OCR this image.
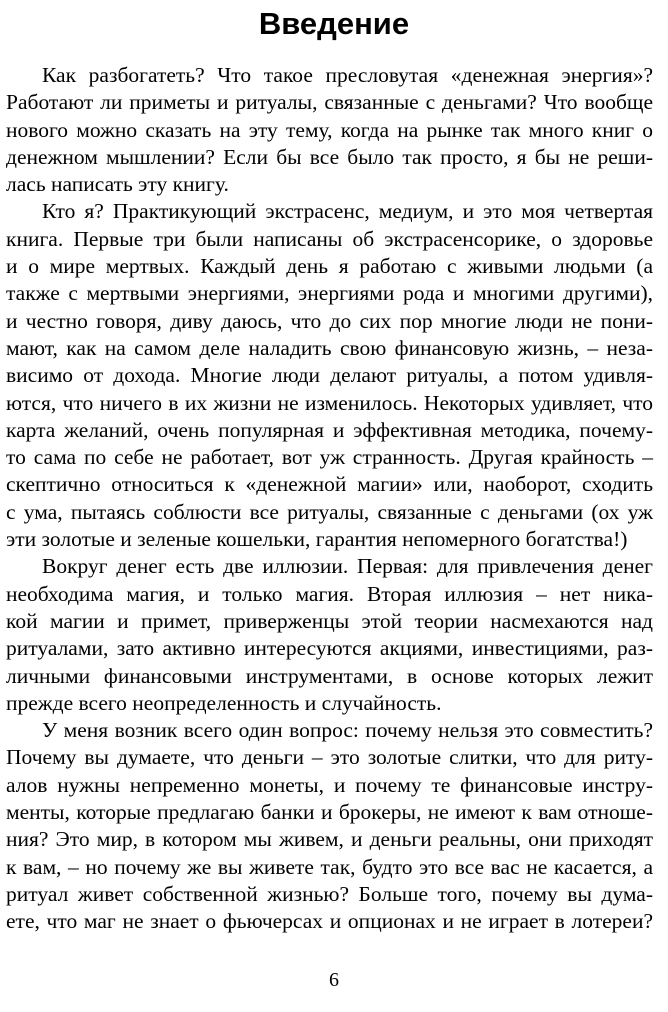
Введение

Как разбогатеть? Что такое пресловутая «денежная энергия»?
Работают ли приметы и ритуалы, связанные с деньгами? Что вообще
нового можно сказать на эту тему, когда на рынке так много книг о
денежном мышлении? Если бы все было так просто, я бы не реши-
лась написать эту книгу.

Кто я? Практикующий экстрасенс, медиум, и это моя четвертая
книга. Первые три были написаны об экстрасенсорике, о здоровье
и о мире мертвых. Каждый день я работаю с живыми людьми (а
также с мертвыми энергиями, энергиями рода и многими другими),
и честно говоря, диву даюсь, что до сих пор многие люди не пони-
мают, как на самом деле наладить свою финансовую жизнь, – неза-
висимо от дохода. Многие люди делают ритуалы, а потом удивля-
ются, что ничего в их жизни не изменилось. Некоторых удивляет, что
карта желаний, очень популярная и эффективная методика, почему-
то сама по себе не работает, вот уж странность. Другая крайность –
скептично относиться к «денежной магии» или, наоборот, сходить
с ума, пытаясь соблюсти все ритуалы, связанные с деньгами (ох уж
эти золотые и зеленые кошельки, гарантия непомерного богатства!)

Вокруг денег есть две иллюзии. Первая: для привлечения денег
необходима магия, и только магия. Вторая иллюзия – нет ника-
кой магии и примет, приверженцы этой теории насмехаются над
ритуалами, зато активно интересуются акциями, инвестициями, раз-
личными финансовыми инструментами, в основе которых лежит
прежде всего неопределенность и случайность.

У меня возник всего один вопрос: почему нельзя это совместить?
Почему вы думаете, что деньги – это золотые слитки, что для риту-
алов нужны непременно монеты, и почему те финансовые инстру-
менты, которые предлагаю банки и брокеры, не имеют к вам отноше-
ния? Это мир, в котором мы живем, и деньги реальны, они приходят
к вам, – но почему же вы живете так, будто это все вас не касается, а
ритуал живет собственной жизнью? Больше того, почему вы дума-
ете, что маг не знает о фьючерсах и опционах и не играет в лотереи?

6
